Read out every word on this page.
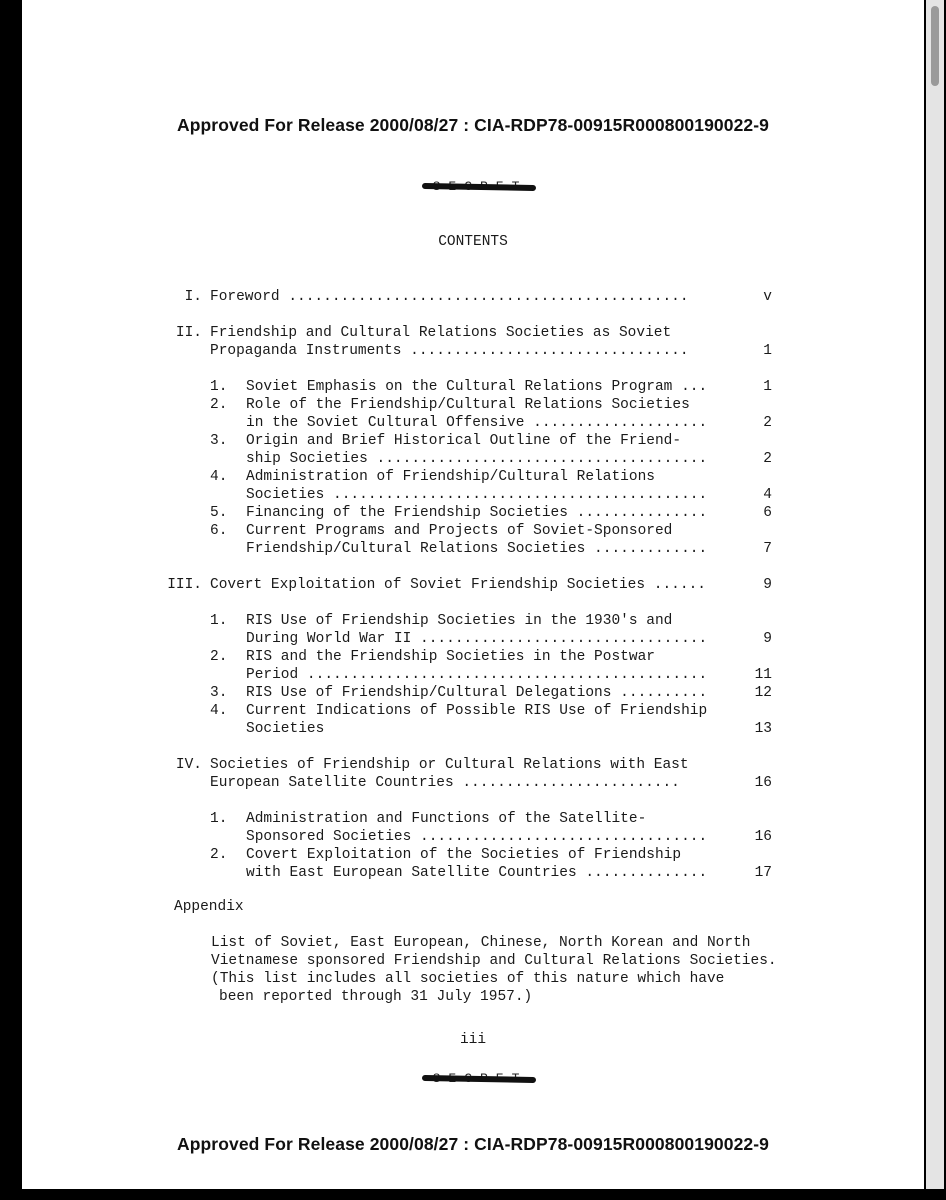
Approved For Release 2000/08/27 : CIA-RDP78-00915R000800190022-9
CONTENTS
I. Foreword ..............................................	v
II. Friendship and Cultural Relations Societies as Soviet
Propaganda Instruments ................................	1
1. Soviet Emphasis on the Cultural Relations Program ...	1
2. Role of the Friendship/Cultural Relations Societies
in the Soviet Cultural Offensive ....................	2
3. Origin and Brief Historical Outline of the Friend-
ship Societies ......................................	2
4. Administration of Friendship/Cultural Relations
Societies ...........................................	4
5. Financing of the Friendship Societies ...............	6
6. Current Programs and Projects of Soviet-Sponsored
Friendship/Cultural Relations Societies .............	7
III. Covert Exploitation of Soviet Friendship Societies ......	9
1. RIS Use of Friendship Societies in the 1930's and
During World War II .................................	9
2. RIS and the Friendship Societies in the Postwar
Period ..............................................	11
3. RIS Use of Friendship/Cultural Delegations ..........	12
4. Current Indications of Possible RIS Use of Friendship
Societies	13
IV. Societies of Friendship or Cultural Relations with East
European Satellite Countries .........................	16
1. Administration and Functions of the Satellite-
Sponsored Societies .................................	16
2. Covert Exploitation of the Societies of Friendship
with East European Satellite Countries ..............	17
Appendix
List of Soviet, East European, Chinese, North Korean and North
Vietnamese sponsored Friendship and Cultural Relations Societies.
(This list includes all societies of this nature which have
been reported through 31 July 1957.)
iii
Approved For Release 2000/08/27 : CIA-RDP78-00915R000800190022-9
